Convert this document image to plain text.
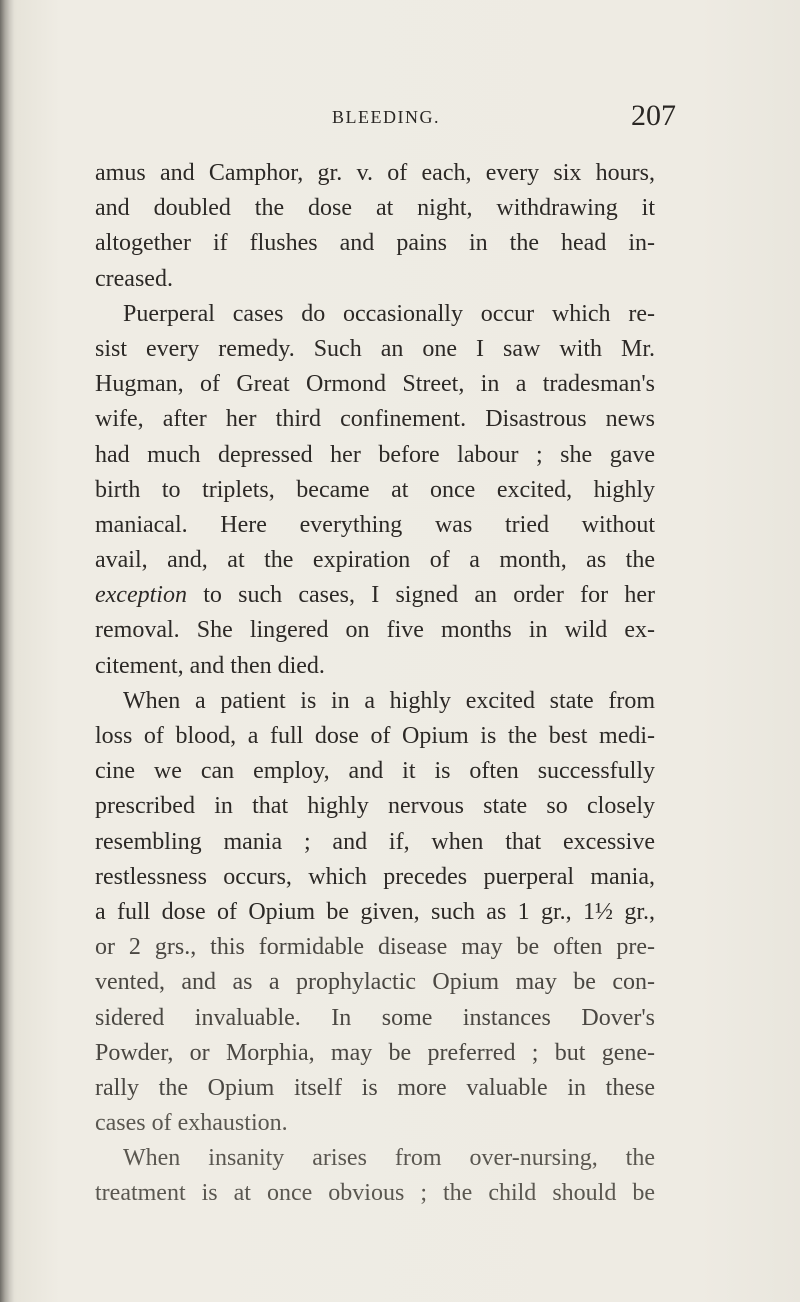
BLEEDING.	207
amus and Camphor, gr. v. of each, every six hours,
and doubled the dose at night, withdrawing it
altogether if flushes and pains in the head in-
creased.
Puerperal cases do occasionally occur which re-
sist every remedy. Such an one I saw with Mr.
Hugman, of Great Ormond Street, in a tradesman's
wife, after her third confinement. Disastrous news
had much depressed her before labour ; she gave
birth to triplets, became at once excited, highly
maniacal. Here everything was tried without
avail, and, at the expiration of a month, as the
exception to such cases, I signed an order for her
removal. She lingered on five months in wild ex-
citement, and then died.
When a patient is in a highly excited state from
loss of blood, a full dose of Opium is the best medi-
cine we can employ, and it is often successfully
prescribed in that highly nervous state so closely
resembling mania ; and if, when that excessive
restlessness occurs, which precedes puerperal mania,
a full dose of Opium be given, such as 1 gr., 1½ gr.,
or 2 grs., this formidable disease may be often pre-
vented, and as a prophylactic Opium may be con-
sidered invaluable. In some instances Dover's
Powder, or Morphia, may be preferred ; but gene-
rally the Opium itself is more valuable in these
cases of exhaustion.
When insanity arises from over-nursing, the
treatment is at once obvious ; the child should be
